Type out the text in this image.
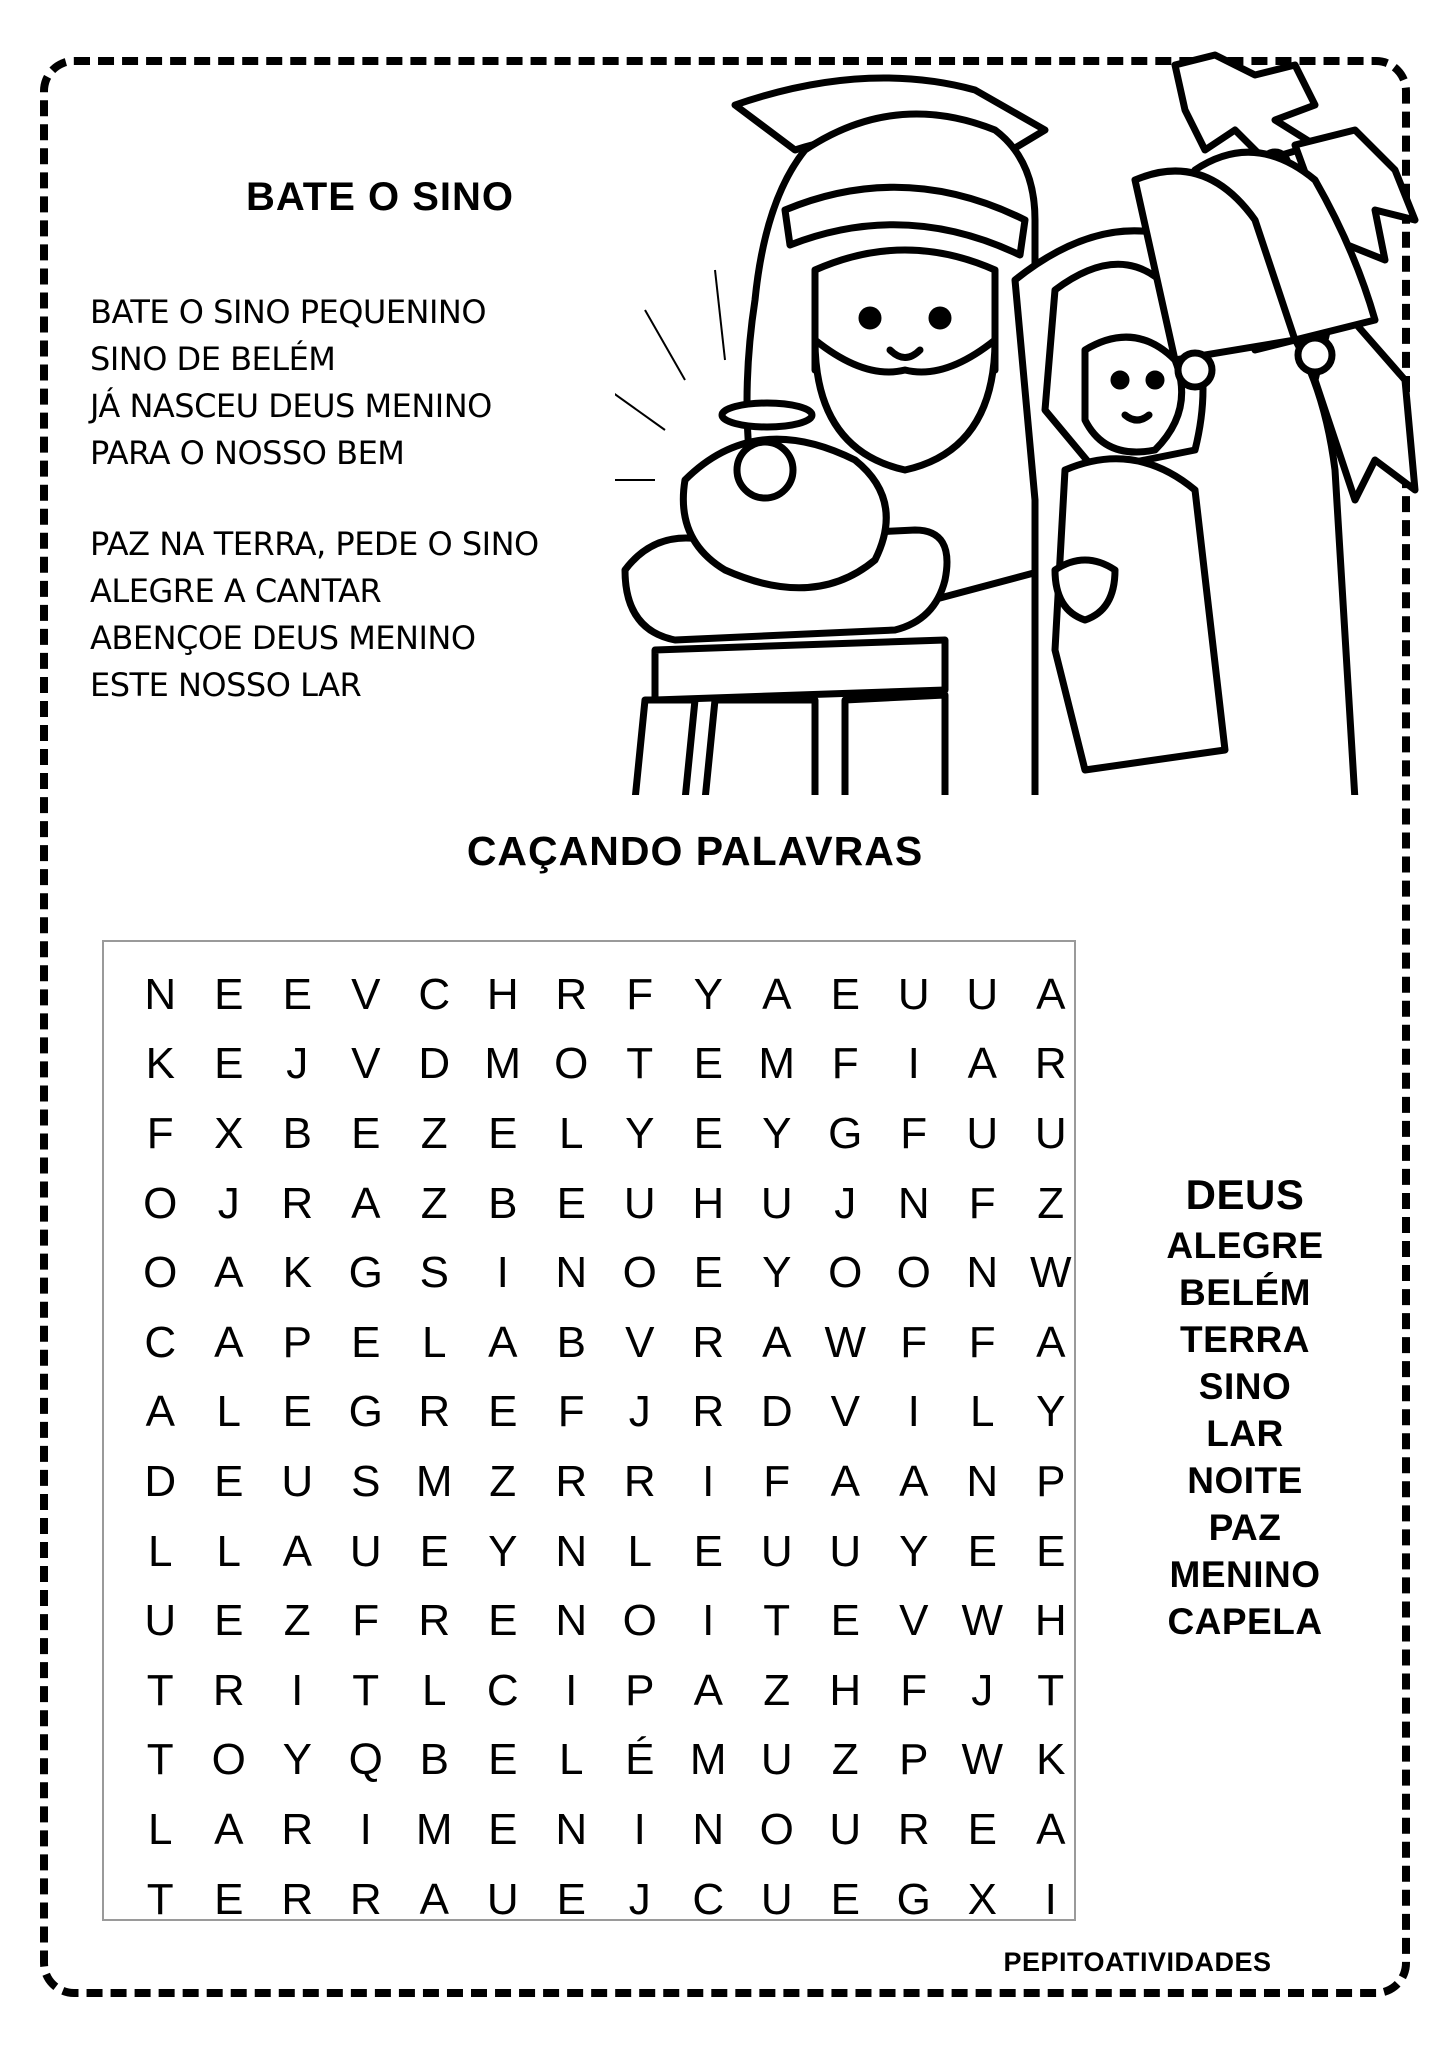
BATE O SINO
BATE O SINO PEQUENINO
SINO DE BELÉM
JÁ NASCEU DEUS MENINO
PARA O NOSSO BEM
PAZ NA TERRA, PEDE O SINO
ALEGRE A CANTAR
ABENÇOE DEUS MENINO
ESTE NOSSO LAR
CAÇANDO PALAVRAS
N E E V C H R F Y A E U U A
K E J V D M O T E M F	I	A R
F X B E Z E L Y E Y G F U U
O J R A Z B E U H U J N F Z
O A K G S	I	N O E Y O O N W
C A P E L A B V R A W F F A
A L E G R E F	J R D V	I	L Y
D E U S M Z R R	I	F A A N P
L	L A U E Y N L E U U Y E E
U E Z F R E N O	I	T E V W H
T R	I	T L C	I	P A Z H F	J	T
T O Y Q B E L É M U Z P W K
L A R	I	M E N	I	N O U R E A
T E R R A U E J C U E G X	I
DEUS
ALEGRE
BELÉM
TERRA
SINO
LAR
NOITE
PAZ
MENINO
CAPELA
PEPITOATIVIDADES
